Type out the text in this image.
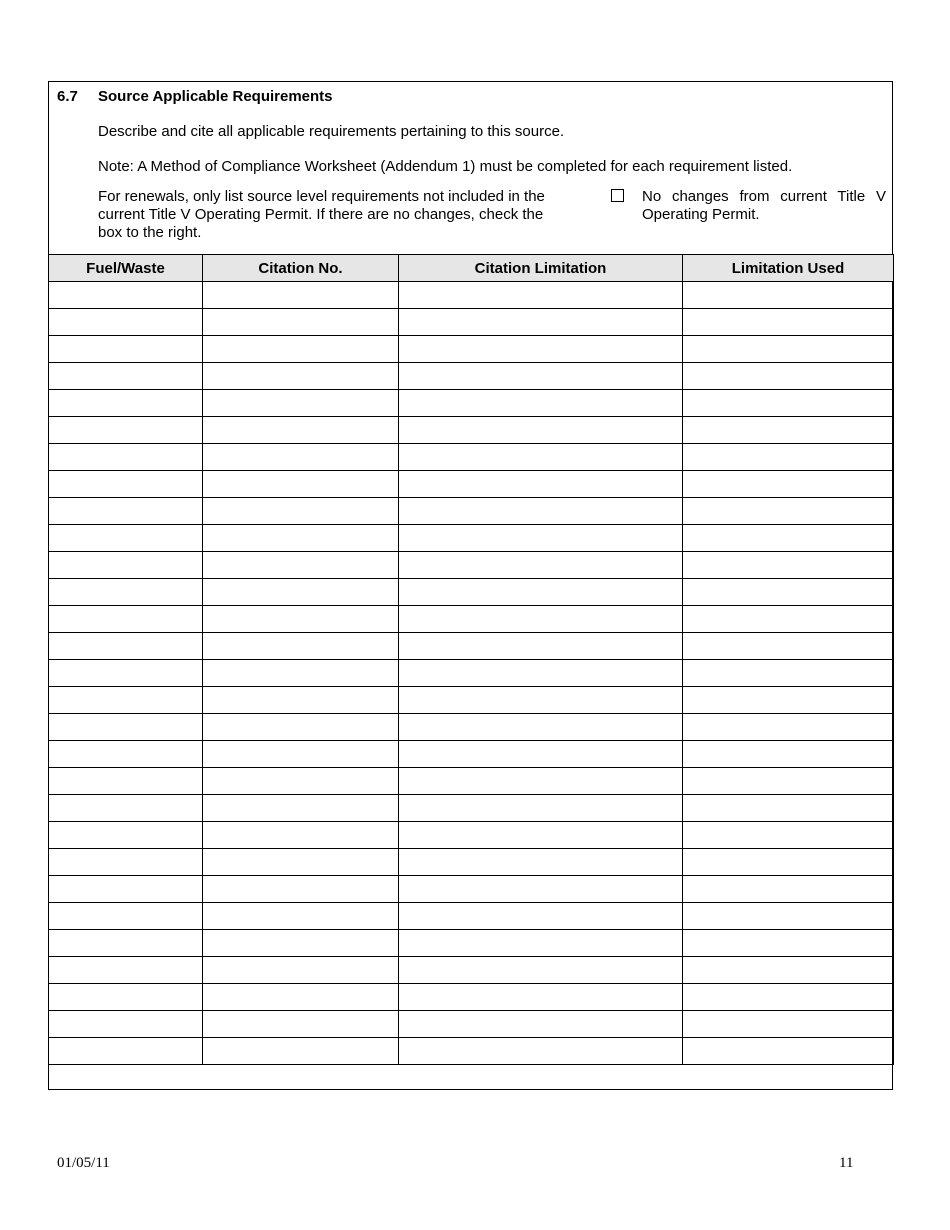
6.7 Source Applicable Requirements
Describe and cite all applicable requirements pertaining to this source.
Note: A Method of Compliance Worksheet (Addendum 1) must be completed for each requirement listed.
For renewals, only list source level requirements not included in the current Title V Operating Permit. If there are no changes, check the box to the right.
No changes from current Title V Operating Permit.
Fuel/Waste	Citation No.	Citation Limitation	Limitation Used

01/05/11	11
